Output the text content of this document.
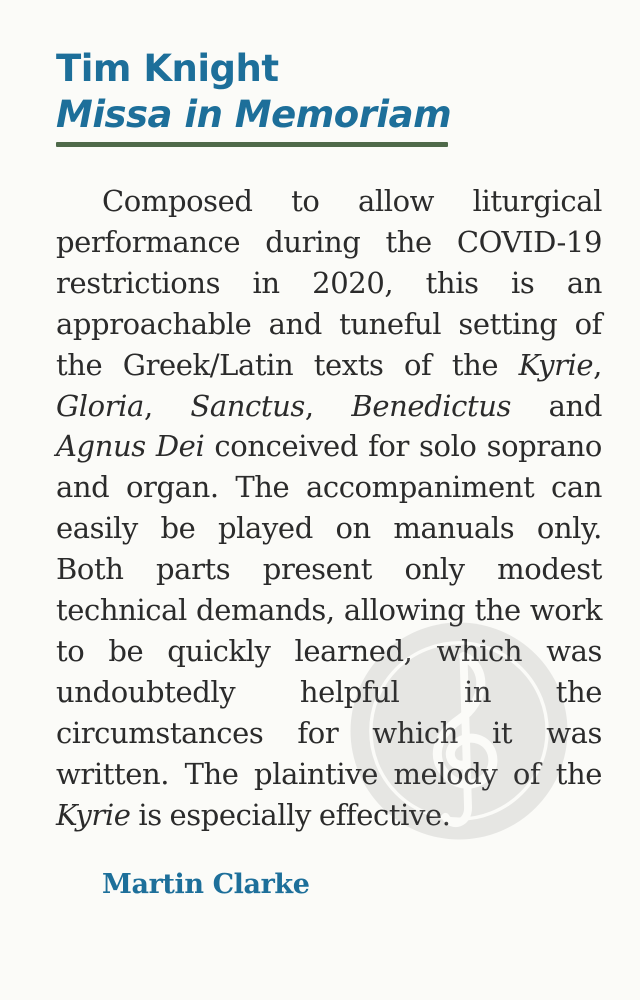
Tim Knight
Missa in Memoriam

Composed to allow liturgical performance during the COVID-19 restrictions in 2020, this is an approachable and tuneful setting of the Greek/Latin texts of the Kyrie, Gloria, Sanctus, Benedictus and Agnus Dei conceived for solo soprano and organ. The accompaniment can easily be played on manuals only. Both parts present only modest technical demands, allowing the work to be quickly learned, which was undoubtedly helpful in the circumstances for which it was written. The plaintive melody of the Kyrie is especially effective.

Martin Clarke
